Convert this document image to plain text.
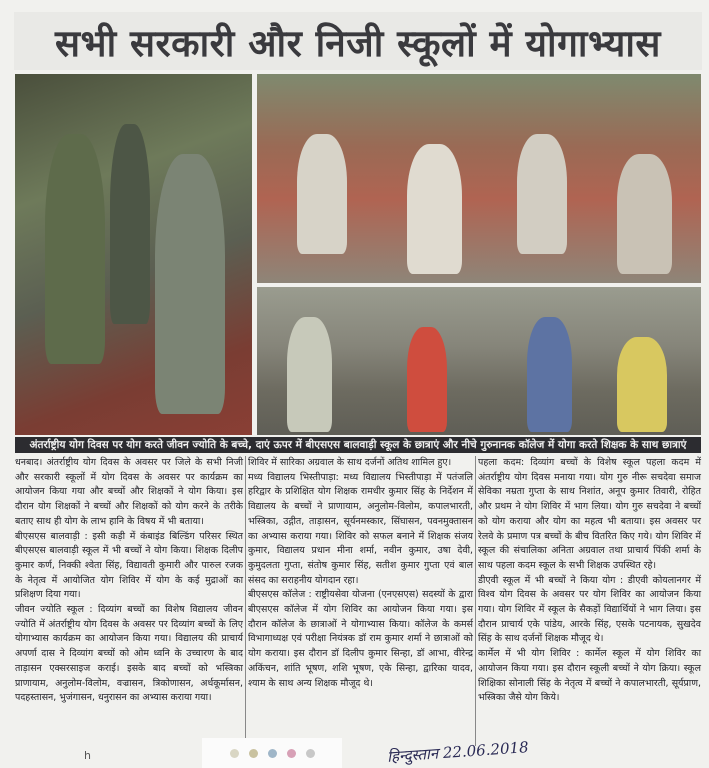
सभी सरकारी और निजी स्कूलों में योगाभ्यास
अंतर्राष्ट्रीय योग दिवस पर योग करते जीवन ज्योति के बच्चे, दाएं ऊपर में बीएसएस बालवाड़ी स्कूल के छात्राएं और नीचे गुरुनानक कॉलेज में योगा करते शिक्षक के साथ छात्राएं

धनबाद। अंतर्राष्ट्रीय योग दिवस के अवसर पर जिले के सभी निजी और सरकारी स्कूलों में योग दिवस के अवसर पर कार्यक्रम का आयोजन किया गया और बच्चों और शिक्षकों ने योग किया। इस दौरान योग शिक्षकों ने बच्चों और शिक्षकों को योग करने के तरीके बताए साथ ही योग के लाभ हानि के विषय में भी बताया।

बीएसएस बालवाड़ी : इसी कड़ी में कंबाइंड बिल्डिंग परिसर स्थित बीएसएस बालवाड़ी स्कूल में भी बच्चों ने योग किया। शिक्षक दिलीप कुमार कर्ण, निक्की श्वेता सिंह, विद्यावती कुमारी और पारुल रजक के नेतृत्व में आयोजित योग शिविर में योग के कई मुद्राओं का प्रशिक्षण दिया गया।

जीवन ज्योति स्कूल : दिव्यांग बच्चों का विशेष विद्यालय जीवन ज्योति में अंतर्राष्ट्रीय योग दिवस के अवसर पर दिव्यांग बच्चों के लिए योगाभ्यास कार्यक्रम का आयोजन किया गया। विद्यालय की प्राचार्य अपर्णा दास ने दिव्यांग बच्चों को ओम ध्वनि के उच्चारण के बाद ताड़ासन एक्सरसाइज कराई। इसके बाद बच्चों को भस्त्रिका प्राणायाम, अनुलोम-विलोम, वज्रासन, त्रिकोणासन, अर्धकूर्मासन, पदहस्तासन, भुजंगासन, धनुरासन का अभ्यास कराया गया।

शिविर में सारिका अग्रवाल के साथ दर्जनों अतिथ शामिल हुए।

मध्य विद्यालय भिस्तीपाड़ा: मध्य विद्यालय भिस्तीपाड़ा में पतंजलि हरिद्वार के प्रशिक्षित योग शिक्षक रामधीर कुमार सिंह के निर्देशन में विद्यालय के बच्चों ने प्राणायाम, अनुलोम-विलोम, कपालभारती, भस्त्रिका, उद्गीत, ताड़ासन, सूर्यनमस्कार, सिंघासन, पवनमुक्तासन का अभ्यास कराया गया। शिविर को सफल बनाने में शिक्षक संजय कुमार, विद्यालय प्रधान मीना शर्मा, नवीन कुमार, उषा देवी, कुमुदलता गुप्ता, संतोष कुमार सिंह, सतीश कुमार गुप्ता एवं बाल संसद का सराहनीय योगदान रहा।

बीएसएस कॉलेज : राष्ट्रीयसेवा योजना (एनएसएस) सदस्यों के द्वारा बीएसएस कॉलेज में योग शिविर का आयोजन किया गया। इस दौरान कॉलेज के छात्राओं ने योगाभ्यास किया। कॉलेज के कमर्स विभागाध्यक्ष एवं परीक्षा नियंत्रक डॉ राम कुमार शर्मा ने छात्राओं को योग कराया। इस दौरान डॉ दिलीप कुमार सिन्हा, डॉ आभा, वीरेन्द्र अकिंचन, शांति भूषण, शशि भूषण, एके सिन्हा, द्वारिका यादव, श्याम के साथ अन्य शिक्षक मौजूद थे।

पहला कदम: दिव्यांग बच्चों के विशेष स्कूल पहला कदम में अंतर्राष्ट्रीय योग दिवस मनाया गया। योग गुरु नीरू सचदेवा समाज सेविका नम्रता गुप्ता के साथ निशांत, अनूप कुमार तिवारी, रोहित और प्रथम ने योग शिविर में भाग लिया। योग गुरु सचदेवा ने बच्चों को योग कराया और योग का महत्व भी बताया। इस अवसर पर रेलवे के प्रमाण पत्र बच्चों के बीच वितरित किए गये। योग शिविर में स्कूल की संचालिका अनिता अग्रवाल तथा प्राचार्य पिंकी शर्मा के साथ पहला कदम स्कूल के सभी शिक्षक उपस्थित रहे।

डीएवी स्कूल में भी बच्चों ने किया योग : डीएवी कोयलानगर में विश्व योग दिवस के अवसर पर योग शिविर का आयोजन किया गया। योग शिविर में स्कूल के सैकड़ों विद्यार्थियों ने भाग लिया। इस दौरान प्राचार्य एके पांडेय, आरके सिंह, एसके पटनायक, सुखदेव सिंह के साथ दर्जनों शिक्षक मौजूद थे।

कार्मेल में भी योग शिविर : कार्मेल स्कूल में योग शिविर का आयोजन किया गया। इस दौरान स्कूली बच्चों ने योग क्रिया। स्कूल शिक्षिका सोनाली सिंह के नेतृत्व में बच्चों ने कपालभारती, सूर्यप्राण, भस्त्रिका जैसे योग किये।

h	हिन्दुस्तान 22.06.2018
